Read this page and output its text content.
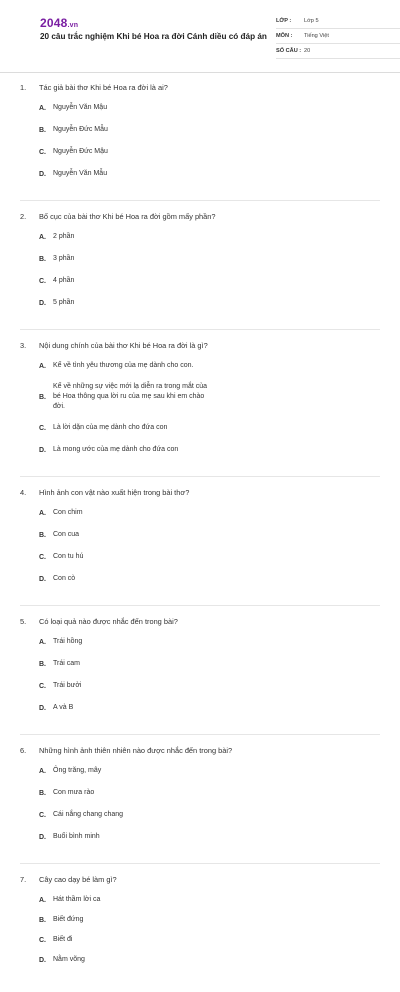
2048.vn
20 câu trắc nghiệm Khi bé Hoa ra đời Cánh diều có đáp án
LỚP :	Lớp 5
MÔN :	Tiếng Việt
SỐ CÂU : 20
1.	Tác giả bài thơ Khi bé Hoa ra đời là ai?
A.	Nguyễn Văn Mậu
B.	Nguyễn Đức Mẫu
C.	Nguyễn Đức Mậu
D.	Nguyễn Văn Mẫu
2.	Bố cục của bài thơ Khi bé Hoa ra đời gồm mấy phần?
A.	2 phần
B.	3 phần
C.	4 phần
D.	5 phần
3.	Nội dung chính của bài thơ Khi bé Hoa ra đời là gì?
A.	Kể về tình yêu thương của mẹ dành cho con.
B.
Kể về những sự việc mới lạ diễn ra trong mắt của bé Hoa thông qua lời ru của mẹ sau khi em chào đời.
C.	Là lời dặn của mẹ dành cho đứa con
D.	Là mong ước của mẹ dành cho đứa con
4.	Hình ảnh con vật nào xuất hiện trong bài thơ?
A.	Con chim
B.	Con cua
C.	Con tu hú
D.	Con cò
5.	Có loại quả nào được nhắc đến trong bài?
A.	Trái hồng
B.	Trái cam
C.	Trái bưởi
D.	A và B
6.	Những hình ảnh thiên nhiên nào được nhắc đến trong bài?
A.	Ông trăng, mây
B.	Con mưa rào
C.	Cái nắng chang chang
D.	Buổi bình minh
7.	Cây cao dạy bé làm gì?
A.	Hát thầm lời ca
B.	Biết đứng
C.	Biết đi
D.	Nằm võng
